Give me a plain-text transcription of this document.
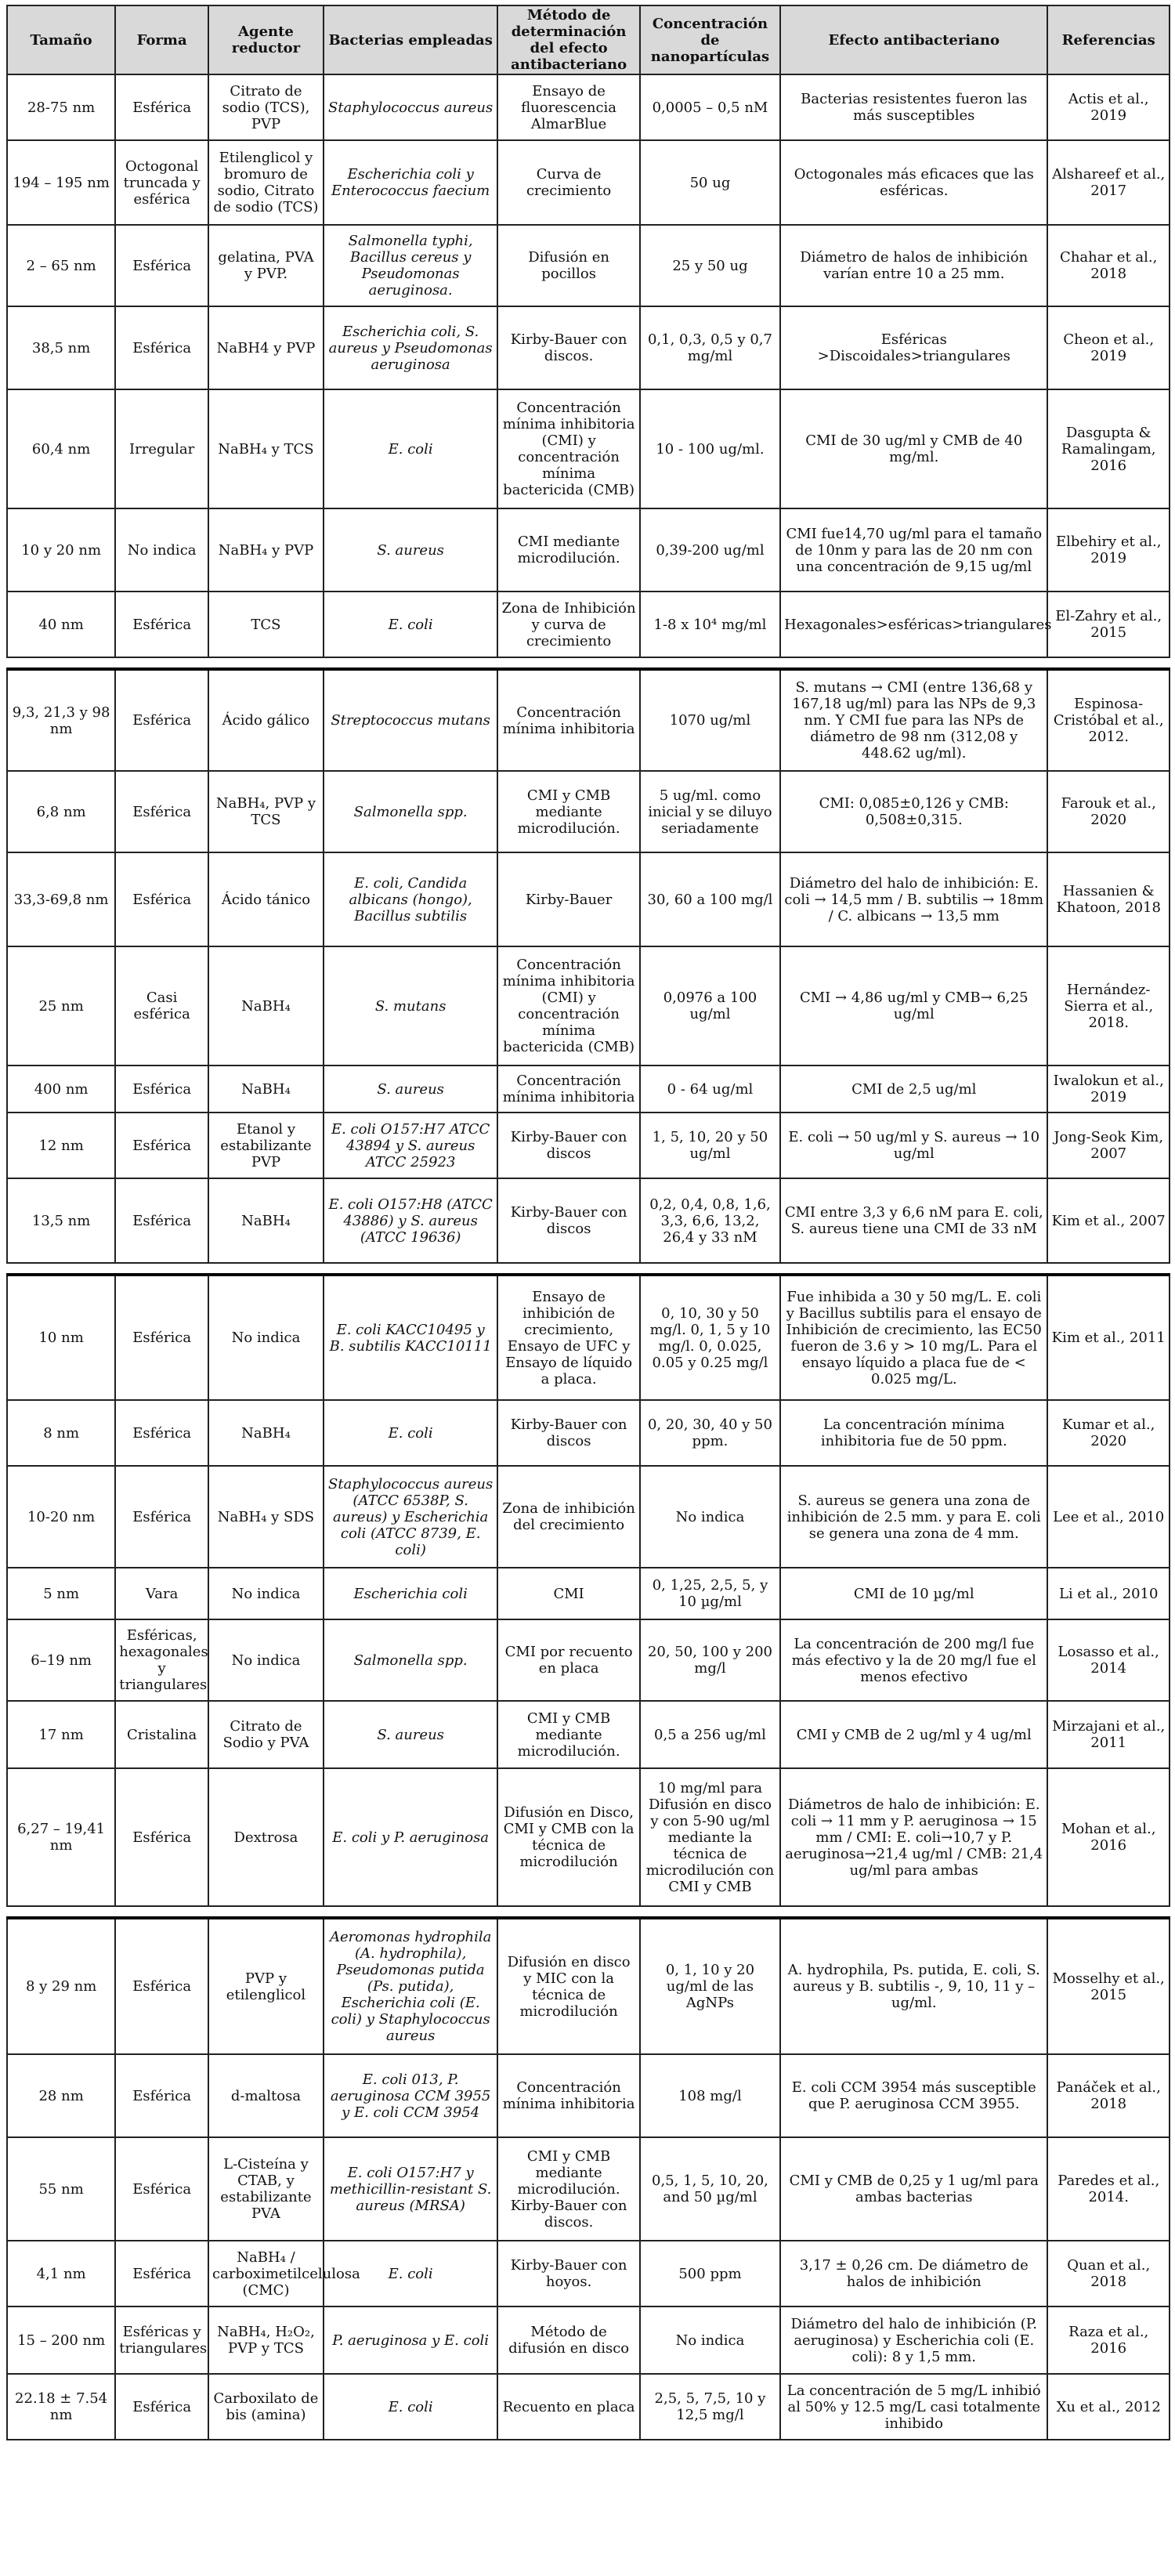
Tamaño	Forma	Agente reductor	Bacterias empleadas	Método de determinación del efecto antibacteriano	Concentración de nanopartículas	Efecto antibacteriano	Referencias
28-75 nm	Esférica	Citrato de sodio (TCS), PVP	Staphylococcus aureus	Ensayo de fluorescencia AlmarBlue	0,0005 – 0,5 nM	Bacterias resistentes fueron las más susceptibles	Actis et al., 2019
194 – 195 nm	Octogonal truncada y esférica	Etilenglicol y bromuro de sodio, Citrato de sodio (TCS)	Escherichia coli y Enterococcus faecium	Curva de crecimiento	50 ug	Octogonales más eficaces que las esféricas.	Alshareef et al., 2017
2 – 65 nm	Esférica	gelatina, PVA y PVP.	Salmonella typhi, Bacillus cereus y Pseudomonas aeruginosa.	Difusión en pocillos	25 y 50 ug	Diámetro de halos de inhibición varían entre 10 a 25 mm.	Chahar et al., 2018
38,5 nm	Esférica	NaBH4 y PVP	Escherichia coli, S. aureus y Pseudomonas aeruginosa	Kirby-Bauer con discos.	0,1, 0,3, 0,5 y 0,7 mg/ml	Esféricas >Discoidales>triangulares	Cheon et al., 2019
60,4 nm	Irregular	NaBH₄ y TCS	E. coli	Concentración mínima inhibitoria (CMI) y concentración mínima bactericida (CMB)	10 - 100 ug/ml.	CMI de 30 ug/ml y CMB de 40 mg/ml.	Dasgupta & Ramalingam, 2016
10 y 20 nm	No indica	NaBH₄ y PVP	S. aureus	CMI mediante microdilución.	0,39-200 ug/ml	CMI fue14,70 ug/ml para el tamaño de 10nm y para las de 20 nm con una concentración de 9,15 ug/ml	Elbehiry et al., 2019
40 nm	Esférica	TCS	E. coli	Zona de Inhibición y curva de crecimiento	1-8 x 10⁴ mg/ml	Hexagonales>esféricas>triangulares	El-Zahry et al., 2015
9,3, 21,3 y 98 nm	Esférica	Ácido gálico	Streptococcus mutans	Concentración mínima inhibitoria	1070 ug/ml	S. mutans → CMI (entre 136,68 y 167,18 ug/ml) para las NPs de 9,3 nm. Y CMI fue para las NPs de diámetro de 98 nm (312,08 y 448.62 ug/ml).	Espinosa-Cristóbal et al., 2012.
6,8 nm	Esférica	NaBH₄, PVP y TCS	Salmonella spp.	CMI y CMB mediante microdilución.	5 ug/ml. como inicial y se diluyo seriadamente	CMI: 0,085±0,126 y CMB: 0,508±0,315.	Farouk et al., 2020
33,3-69,8 nm	Esférica	Ácido tánico	E. coli, Candida albicans (hongo), Bacillus subtilis	Kirby-Bauer	30, 60 a 100 mg/l	Diámetro del halo de inhibición: E. coli → 14,5 mm / B. subtilis → 18mm / C. albicans → 13,5 mm	Hassanien & Khatoon, 2018
25 nm	Casi esférica	NaBH₄	S. mutans	Concentración mínima inhibitoria (CMI) y concentración mínima bactericida (CMB)	0,0976 a 100 ug/ml	CMI → 4,86 ug/ml y CMB→ 6,25 ug/ml	Hernández-Sierra et al., 2018.
400 nm	Esférica	NaBH₄	S. aureus	Concentración mínima inhibitoria	0 - 64 ug/ml	CMI de 2,5 ug/ml	Iwalokun et al., 2019
12 nm	Esférica	Etanol y estabilizante PVP	E. coli O157:H7 ATCC 43894 y S. aureus ATCC 25923	Kirby-Bauer con discos	1, 5, 10, 20 y 50 ug/ml	E. coli → 50 ug/ml y S. aureus → 10 ug/ml	Jong-Seok Kim, 2007
13,5 nm	Esférica	NaBH₄	E. coli O157:H8 (ATCC 43886) y S. aureus (ATCC 19636)	Kirby-Bauer con discos	0,2, 0,4, 0,8, 1,6, 3,3, 6,6, 13,2, 26,4 y 33 nM	CMI entre 3,3 y 6,6 nM para E. coli, S. aureus tiene una CMI de 33 nM	Kim et al., 2007
10 nm	Esférica	No indica	E. coli KACC10495 y B. subtilis KACC10111	Ensayo de inhibición de crecimiento, Ensayo de UFC y Ensayo de líquido a placa.	0, 10, 30 y 50 mg/l. 0, 1, 5 y 10 mg/l. 0, 0.025, 0.05 y 0.25 mg/l	Fue inhibida a 30 y 50 mg/L. E. coli y Bacillus subtilis para el ensayo de Inhibición de crecimiento, las EC50 fueron de 3.6 y > 10 mg/L. Para el ensayo líquido a placa fue de < 0.025 mg/L.	Kim et al., 2011
8 nm	Esférica	NaBH₄	E. coli	Kirby-Bauer con discos	0, 20, 30, 40 y 50 ppm.	La concentración mínima inhibitoria fue de 50 ppm.	Kumar et al., 2020
10-20 nm	Esférica	NaBH₄ y SDS	Staphylococcus aureus (ATCC 6538P, S. aureus) y Escherichia coli (ATCC 8739, E. coli)	Zona de inhibición del crecimiento	No indica	S. aureus se genera una zona de inhibición de 2.5 mm. y para E. coli se genera una zona de 4 mm.	Lee et al., 2010
5 nm	Vara	No indica	Escherichia coli	CMI	0, 1,25, 2,5, 5, y 10 µg/ml	CMI de 10 µg/ml	Li et al., 2010
6–19 nm	Esféricas, hexagonales y triangulares	No indica	Salmonella spp.	CMI por recuento en placa	20, 50, 100 y 200 mg/l	La concentración de 200 mg/l fue más efectivo y la de 20 mg/l fue el menos efectivo	Losasso et al., 2014
17 nm	Cristalina	Citrato de Sodio y PVA	S. aureus	CMI y CMB mediante microdilución.	0,5 a 256 ug/ml	CMI y CMB de 2 ug/ml y 4 ug/ml	Mirzajani et al., 2011
6,27 – 19,41 nm	Esférica	Dextrosa	E. coli y P. aeruginosa	Difusión en Disco, CMI y CMB con la técnica de microdilución	10 mg/ml para Difusión en disco y con 5-90 ug/ml mediante la técnica de microdilución con CMI y CMB	Diámetros de halo de inhibición: E. coli → 11 mm y P. aeruginosa → 15 mm / CMI: E. coli→10,7 y P. aeruginosa→21,4 ug/ml / CMB: 21,4 ug/ml para ambas	Mohan et al., 2016
8 y 29 nm	Esférica	PVP y etilenglicol	Aeromonas hydrophila (A. hydrophila), Pseudomonas putida (Ps. putida), Escherichia coli (E. coli) y Staphylococcus aureus	Difusión en disco y MIC con la técnica de microdilución	0, 1, 10 y 20 ug/ml de las AgNPs	A. hydrophila, Ps. putida, E. coli, S. aureus y B. subtilis -, 9, 10, 11 y – ug/ml.	Mosselhy et al., 2015
28 nm	Esférica	d-maltosa	E. coli 013, P. aeruginosa CCM 3955 y E. coli CCM 3954	Concentración mínima inhibitoria	108 mg/l	E. coli CCM 3954 más susceptible que P. aeruginosa CCM 3955.	Panáček et al., 2018
55 nm	Esférica	L-Cisteína y CTAB, y estabilizante PVA	E. coli O157:H7 y methicillin-resistant S. aureus (MRSA)	CMI y CMB mediante microdilución. Kirby-Bauer con discos.	0,5, 1, 5, 10, 20, and 50 µg/ml	CMI y CMB de 0,25 y 1 ug/ml para ambas bacterias	Paredes et al., 2014.
4,1 nm	Esférica	NaBH₄ / carboximetilcelulosa (CMC)	E. coli	Kirby-Bauer con hoyos.	500 ppm	3,17 ± 0,26 cm. De diámetro de halos de inhibición	Quan et al., 2018
15 – 200 nm	Esféricas y triangulares	NaBH₄, H₂O₂, PVP y TCS	P. aeruginosa y E. coli	Método de difusión en disco	No indica	Diámetro del halo de inhibición (P. aeruginosa) y Escherichia coli (E. coli): 8 y 1,5 mm.	Raza et al., 2016
22.18 ± 7.54 nm	Esférica	Carboxilato de bis (amina)	E. coli	Recuento en placa	2,5, 5, 7,5, 10 y 12,5 mg/l	La concentración de 5 mg/L inhibió al 50% y 12.5 mg/L casi totalmente inhibido	Xu et al., 2012
